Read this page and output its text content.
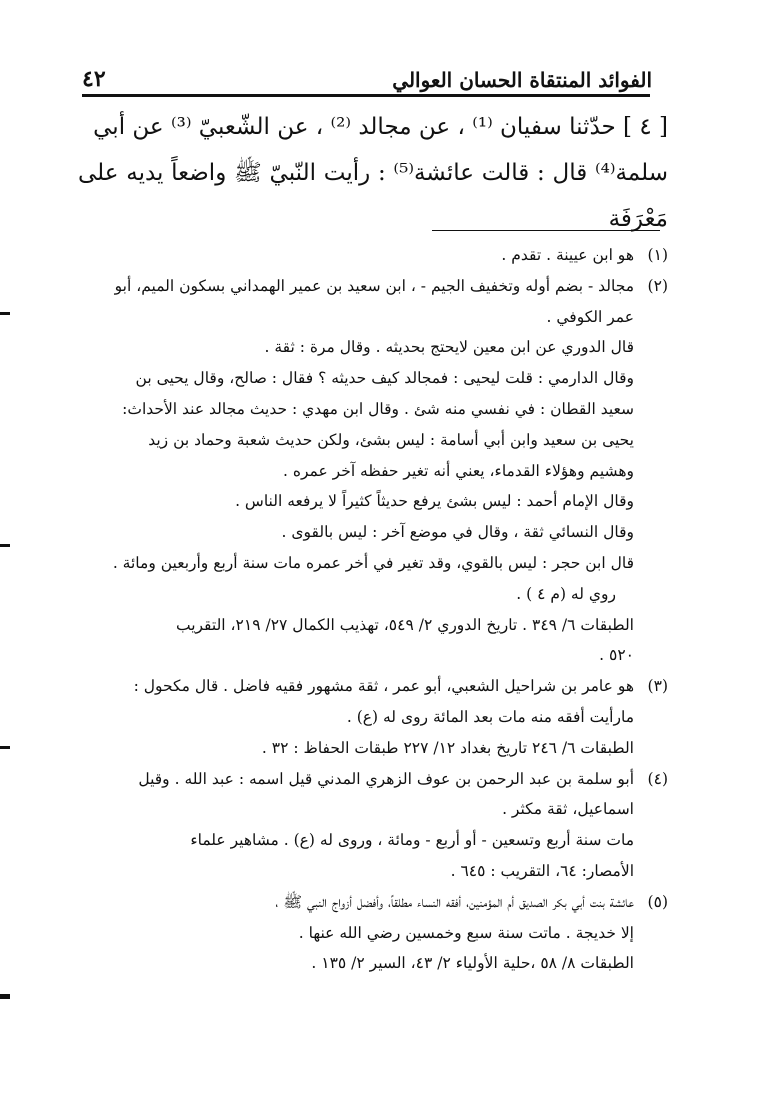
الفوائد المنتقاة الحسان العوالي
٤٢

[ ٤ ] حدّثنا سفيان ⁽¹⁾ ، عن مجالد ⁽²⁾ ، عن الشّعبيّ ⁽³⁾ عن أبي

سلمة⁽⁴⁾ قال : قالت عائشة⁽⁵⁾ : رأيت النّبيّ ﷺ واضعاً يديه على مَعْرَفَة

(١)
هو ابن عيينة . تقدم .
(٢)
مجالد - بضم أوله وتخفيف الجيم - ، ابن سعيد بن عمير الهمداني بسكون الميم، أبو
عمر الكوفي .
قال الدوري عن ابن معين لايحتج بحديثه . وقال مرة : ثقة .
وقال الدارمي : قلت ليحيى : فمجالد كيف حديثه ؟ فقال : صالح، وقال يحيى بن
سعيد القطان : في نفسي منه شئ . وقال ابن مهدي : حديث مجالد عند الأحداث:
يحيى بن سعيد وابن أبي أسامة : ليس بشئ، ولكن حديث شعبة وحماد بن زيد
وهشيم وهؤلاء القدماء، يعني أنه تغير حفظه آخر عمره .
وقال الإمام أحمد : ليس بشئ يرفع حديثاً كثيراً لا يرفعه الناس .
وقال النسائي ثقة ، وقال في موضع آخر : ليس بالقوى .
قال ابن حجر : ليس بالقوي، وقد تغير في أخر عمره مات سنة أربع وأربعين ومائة .
روي له (م ٤ ) .
الطبقات ٦/ ٣٤٩ . تاريخ الدوري ٢/ ٥٤٩، تهذيب الكمال ٢٧/ ٢١٩، التقريب
٥٢٠ .
(٣)
هو عامر بن شراحيل الشعبي، أبو عمر ، ثقة مشهور فقيه فاضل . قال مكحول :
مارأيت أفقه منه مات بعد المائة روى له (ع) .
الطبقات ٦/ ٢٤٦ تاريخ بغداد ١٢/ ٢٢٧ طبقات الحفاظ : ٣٢ .
(٤)
أبو سلمة بن عبد الرحمن بن عوف الزهري المدني قيل اسمه : عبد الله . وقيل
اسماعيل، ثقة مكثر .
مات سنة أربع وتسعين - أو أربع - ومائة ، وروى له (ع) . مشاهير علماء
الأمصار: ٦٤، التقريب : ٦٤٥ .
(٥)
عائشة بنت أبي بكر الصديق أم المؤمنين، أفقه النساء مطلقاً، وأفضل أزواج النبي ﷺ ،
إلا خديجة . ماتت سنة سبع وخمسين رضي الله عنها .
الطبقات ٨/ ٥٨ ،حلية الأولياء ٢/ ٤٣، السير ٢/ ١٣٥ .
